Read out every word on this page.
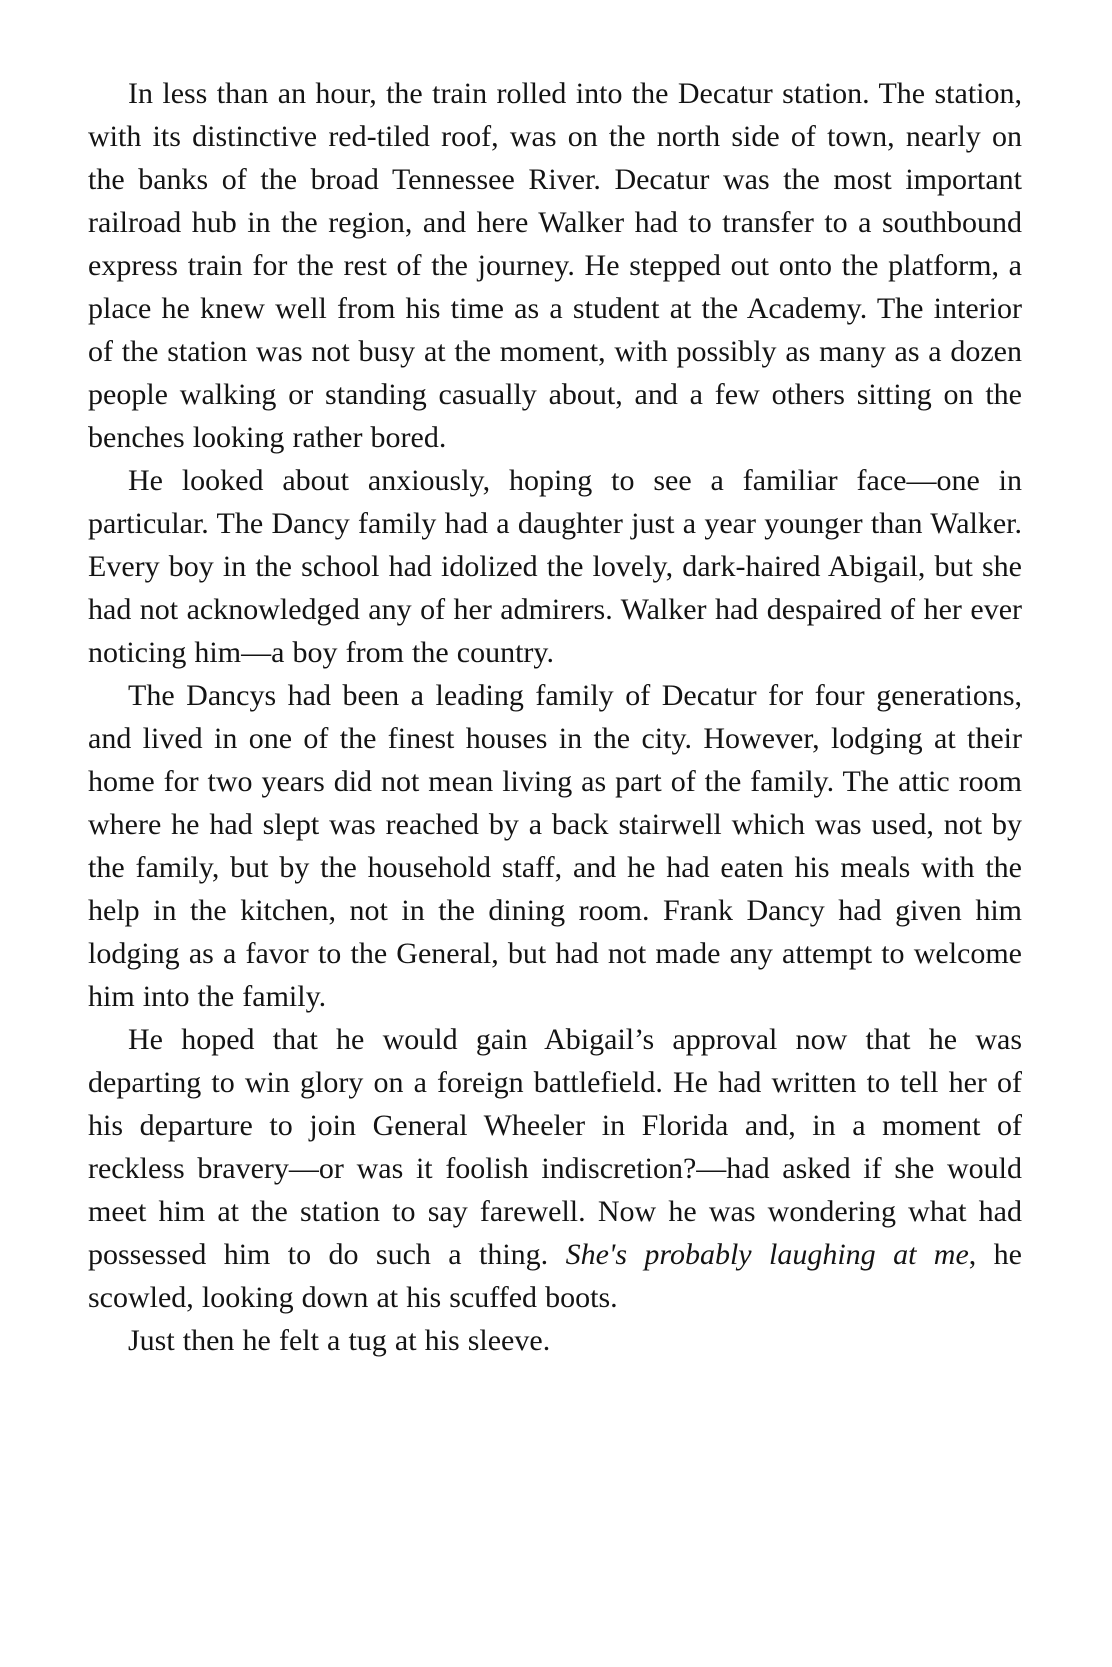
In less than an hour, the train rolled into the Decatur station. The station, with its distinctive red-tiled roof, was on the north side of town, nearly on the banks of the broad Tennessee River. Decatur was the most important railroad hub in the region, and here Walker had to transfer to a southbound express train for the rest of the journey. He stepped out onto the platform, a place he knew well from his time as a student at the Academy. The interior of the station was not busy at the moment, with possibly as many as a dozen people walking or standing casually about, and a few others sitting on the benches looking rather bored.

He looked about anxiously, hoping to see a familiar face—one in particular. The Dancy family had a daughter just a year younger than Walker. Every boy in the school had idolized the lovely, dark-haired Abigail, but she had not acknowledged any of her admirers. Walker had despaired of her ever noticing him—a boy from the country.

The Dancys had been a leading family of Decatur for four generations, and lived in one of the finest houses in the city. However, lodging at their home for two years did not mean living as part of the family. The attic room where he had slept was reached by a back stairwell which was used, not by the family, but by the household staff, and he had eaten his meals with the help in the kitchen, not in the dining room. Frank Dancy had given him lodging as a favor to the General, but had not made any attempt to welcome him into the family.

He hoped that he would gain Abigail’s approval now that he was departing to win glory on a foreign battlefield. He had written to tell her of his departure to join General Wheeler in Florida and, in a moment of reckless bravery—or was it foolish indiscretion?—had asked if she would meet him at the station to say farewell. Now he was wondering what had possessed him to do such a thing. She's probably laughing at me, he scowled, looking down at his scuffed boots.

Just then he felt a tug at his sleeve.
